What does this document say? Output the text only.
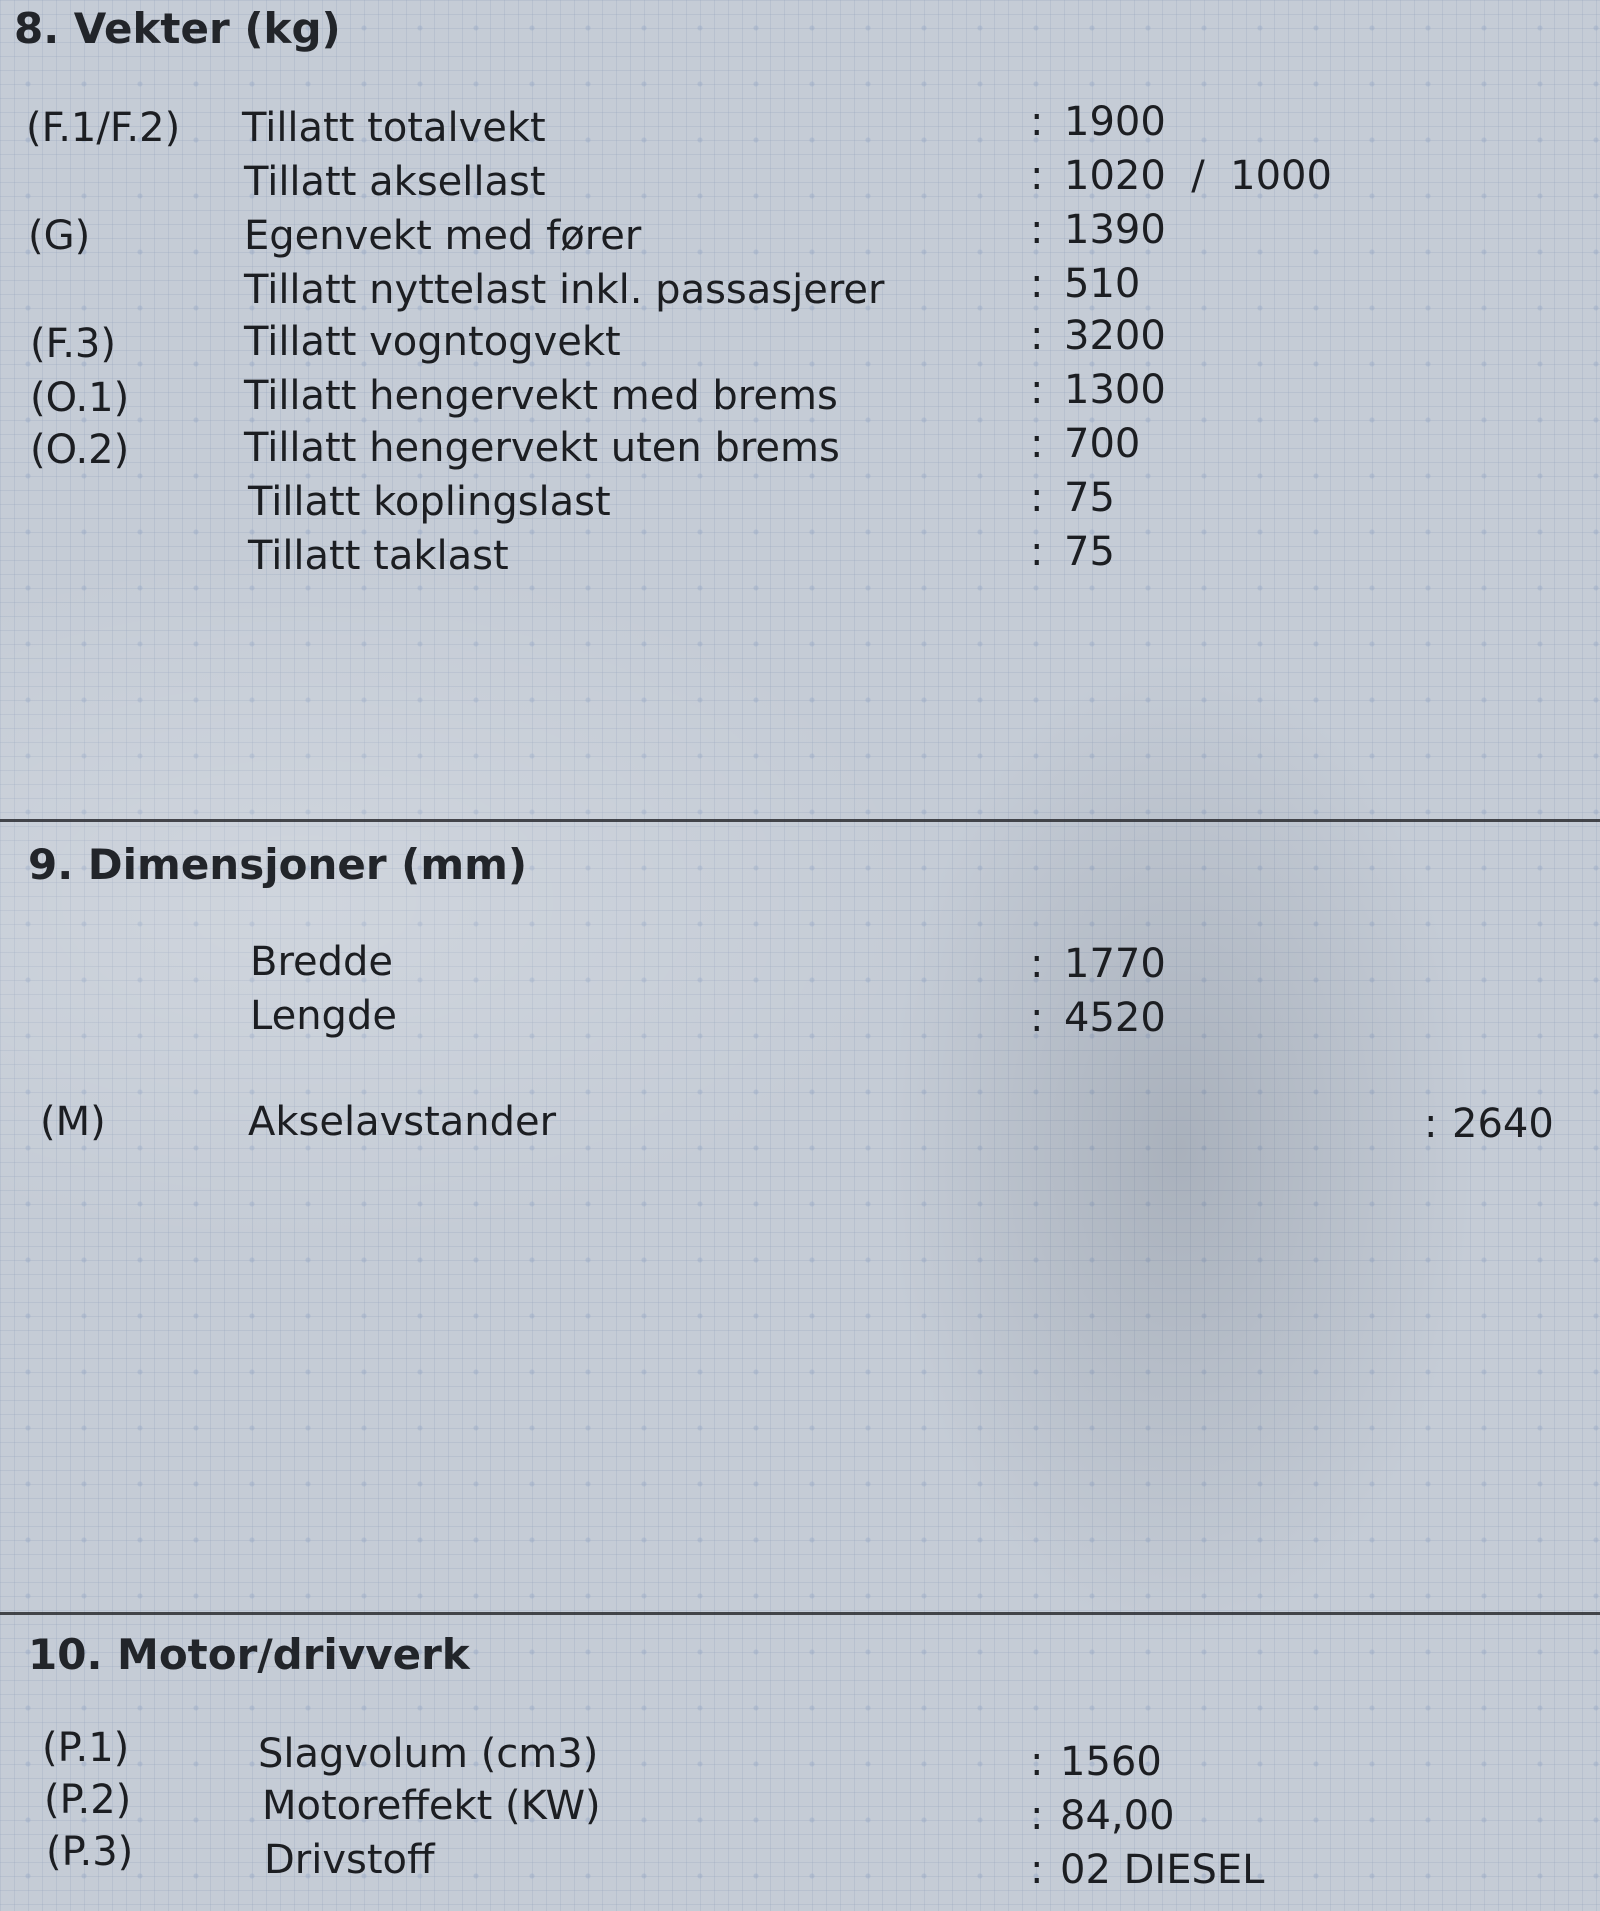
8. Vekter (kg)
(F.1/F.2) Tillatt totalvekt	: 1900
Tillatt aksellast	: 1020  /  1000
(G)	Egenvekt med fører	: 1390
Tillatt nyttelast inkl. passasjerer	: 510
(F.3)	Tillatt vogntogvekt	: 3200
(O.1)	Tillatt hengervekt med brems	: 1300
(O.2)	Tillatt hengervekt uten brems	: 700
Tillatt koplingslast	: 75
Tillatt taklast	: 75
9. Dimensjoner (mm)
Bredde	: 1770
Lengde	: 4520
(M)	Akselavstander	: 2640
10. Motor/drivverk
(P.1)	Slagvolum (cm3)	: 1560
(P.2)	Motoreffekt (KW)	: 84,00
(P.3)	Drivstoff	: 02 DIESEL
